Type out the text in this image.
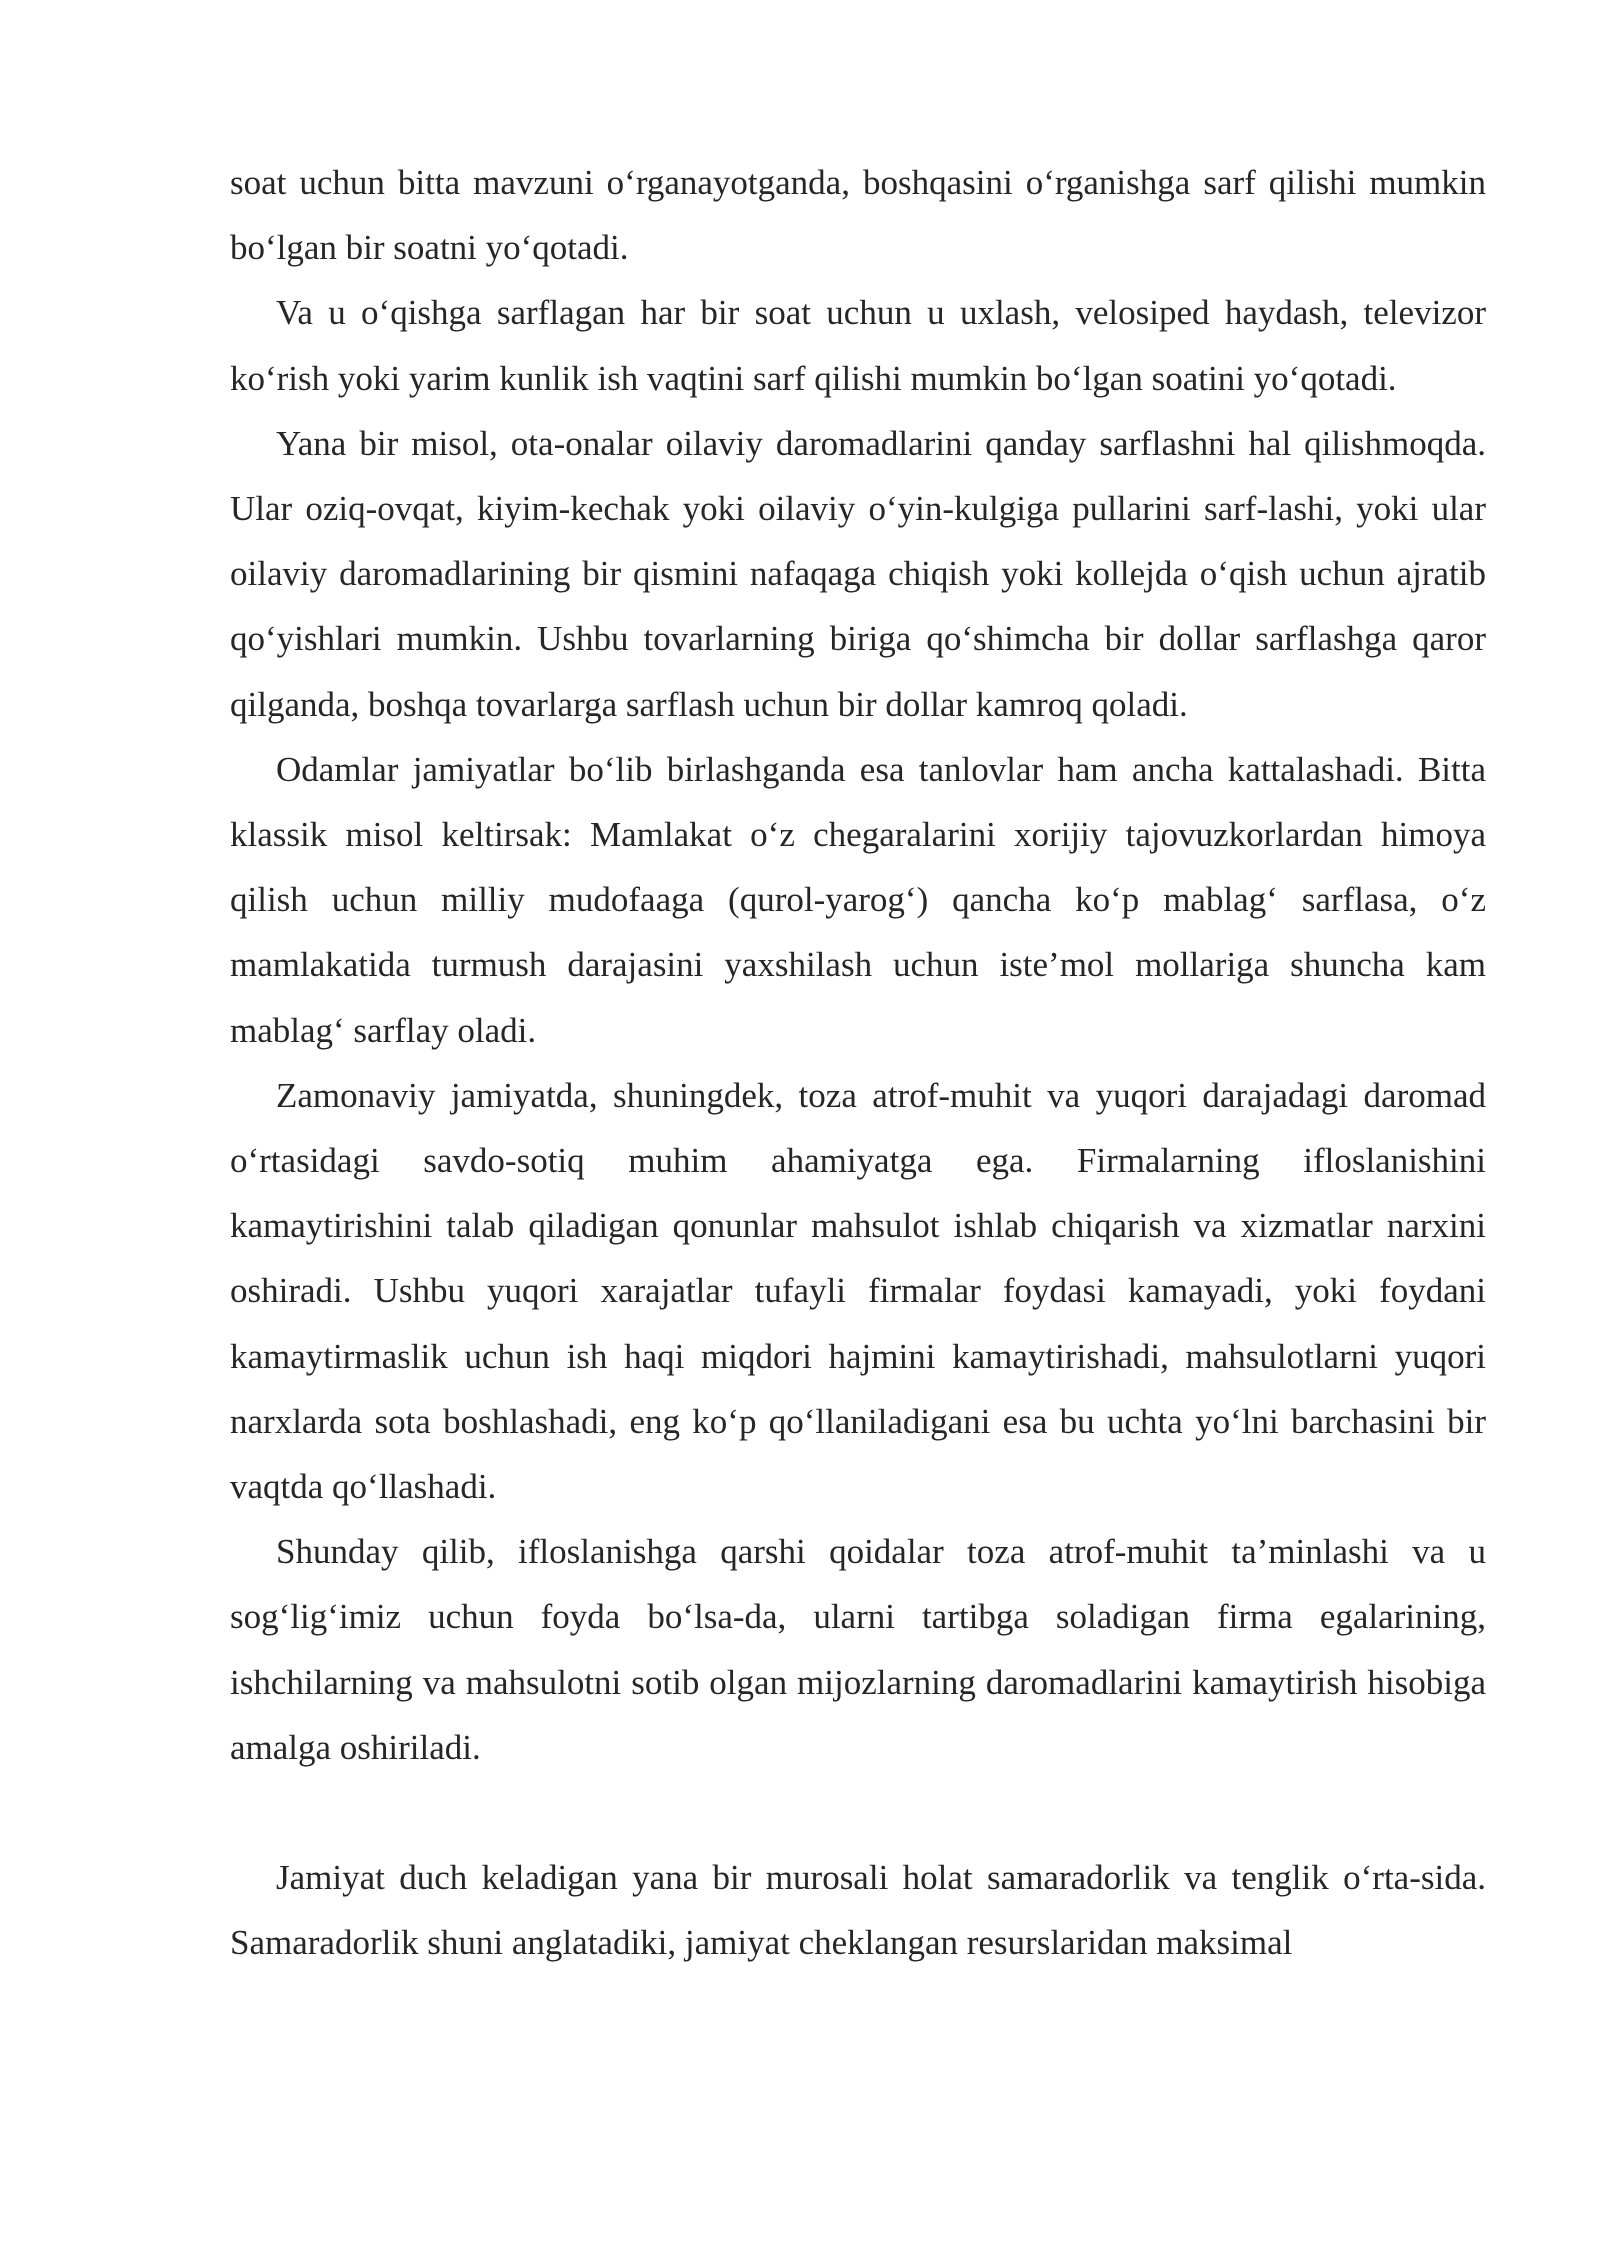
soat uchun bitta mavzuni o‘rganayotganda, boshqasini o‘rganishga sarf qilishi mumkin bo‘lgan bir soatni yo‘qotadi.

Va u o‘qishga sarflagan har bir soat uchun u uxlash, velosiped haydash, televizor ko‘rish yoki yarim kunlik ish vaqtini sarf qilishi mumkin bo‘lgan soatini yo‘qotadi.

Yana bir misol, ota-onalar oilaviy daromadlarini qanday sarflashni hal qilishmoqda. Ular oziq-ovqat, kiyim-kechak yoki oilaviy o‘yin-kulgiga pullarini sarf-lashi, yoki ular oilaviy daromadlarining bir qismini nafaqaga chiqish yoki kollejda o‘qish uchun ajratib qo‘yishlari mumkin. Ushbu tovarlarning biriga qo‘shimcha bir dollar sarflashga qaror qilganda, boshqa tovarlarga sarflash uchun bir dollar kamroq qoladi.

Odamlar jamiyatlar bo‘lib birlashganda esa tanlovlar ham ancha kattalashadi. Bitta klassik misol keltirsak: Mamlakat o‘z chegaralarini xorijiy tajovuzkorlardan himoya qilish uchun milliy mudofaaga (qurol-yarog‘) qancha ko‘p mablag‘ sarflasa, o‘z mamlakatida turmush darajasini yaxshilash uchun iste’mol mollariga shuncha kam mablag‘ sarflay oladi.

Zamonaviy jamiyatda, shuningdek, toza atrof-muhit va yuqori darajadagi daromad o‘rtasidagi savdo-sotiq muhim ahamiyatga ega. Firmalarning ifloslanishini kamaytirishini talab qiladigan qonunlar mahsulot ishlab chiqarish va xizmatlar narxini oshiradi. Ushbu yuqori xarajatlar tufayli firmalar foydasi kamayadi, yoki foydani kamaytirmaslik uchun ish haqi miqdori hajmini kamaytirishadi, mahsulotlarni yuqori narxlarda sota boshlashadi, eng ko‘p qo‘llaniladigani esa bu uchta yo‘lni barchasini bir vaqtda qo‘llashadi.

Shunday qilib, ifloslanishga qarshi qoidalar toza atrof-muhit ta’minlashi va u sog‘lig‘imiz uchun foyda bo‘lsa-da, ularni tartibga soladigan firma egalarining, ishchilarning va mahsulotni sotib olgan mijozlarning daromadlarini kamaytirish hisobiga amalga oshiriladi.

Jamiyat duch keladigan yana bir murosali holat samaradorlik va tenglik o‘rta-sida. Samaradorlik shuni anglatadiki, jamiyat cheklangan resurslaridan maksimal
